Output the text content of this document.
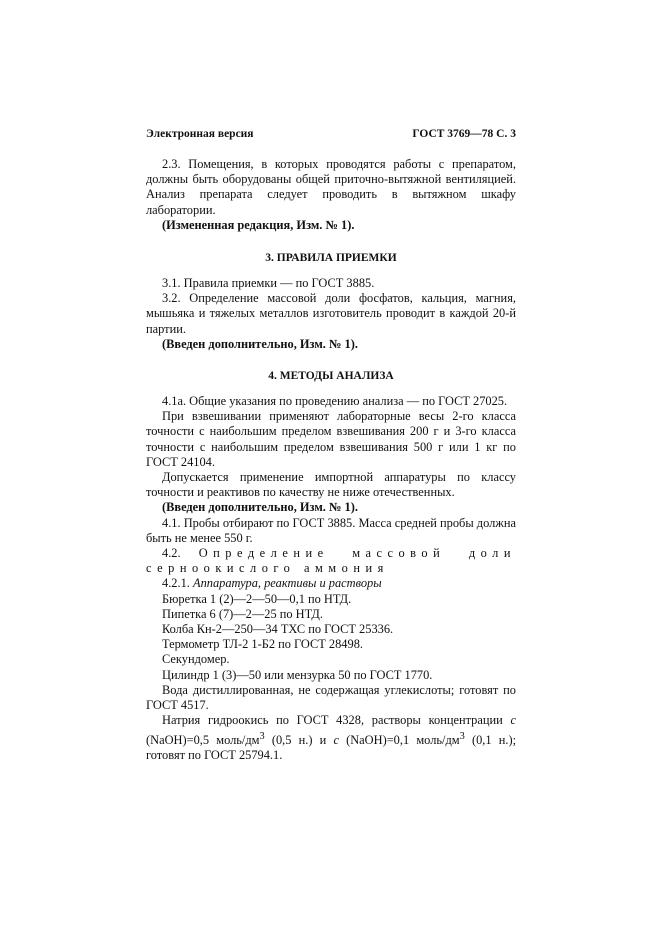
Электронная версия	ГОСТ 3769—78 С. 3

2.3. Помещения, в которых проводятся работы с препаратом, должны быть оборудованы общей приточно-вытяжной вентиляцией. Анализ препарата следует проводить в вытяжном шкафу лаборатории.

(Измененная редакция, Изм. № 1).

3. ПРАВИЛА ПРИЕМКИ

3.1. Правила приемки — по ГОСТ 3885.

3.2. Определение массовой доли фосфатов, кальция, магния, мышьяка и тяжелых металлов изготовитель проводит в каждой 20-й партии.

(Введен дополнительно, Изм. № 1).

4. МЕТОДЫ АНАЛИЗА

4.1а. Общие указания по проведению анализа — по ГОСТ 27025.

При взвешивании применяют лабораторные весы 2-го класса точности с наибольшим пределом взвешивания 200 г и 3-го класса точности с наибольшим пределом взвешивания 500 г или 1 кг по ГОСТ 24104.

Допускается применение импортной аппаратуры по классу точности и реактивов по качеству не ниже отечественных.

(Введен дополнительно, Изм. № 1).

4.1. Пробы отбирают по ГОСТ 3885. Масса средней пробы должна быть не менее 550 г.

4.2. Определение массовой доли серноокислого аммония

4.2.1. Аппаратура, реактивы и растворы

Бюретка 1 (2)—2—50—0,1 по НТД.

Пипетка 6 (7)—2—25 по НТД.

Колба Кн-2—250—34 ТХС по ГОСТ 25336.

Термометр ТЛ-2 1-Б2 по ГОСТ 28498.

Секундомер.

Цилиндр 1 (3)—50 или мензурка 50 по ГОСТ 1770.

Вода дистиллированная, не содержащая углекислоты; готовят по ГОСТ 4517.

Натрия гидроокись по ГОСТ 4328, растворы концентрации c (NaOH)=0,5 моль/$дм^3$ (0,5 н.) и c (NaOH)=0,1 моль/$дм^3$ (0,1 н.); готовят по ГОСТ 25794.1.
